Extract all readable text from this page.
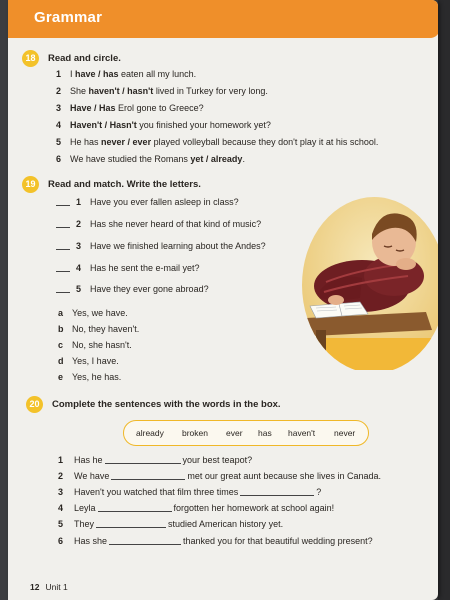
Grammar
18	Read and circle.
1 I have / has eaten all my lunch.
2 She haven't / hasn't lived in Turkey for very long.
3 Have / Has Erol gone to Greece?
4 Haven't / Hasn't you finished your homework yet?
5 He has never / ever played volleyball because they don't play it at his school.
6 We have studied the Romans yet / already.
19	Read and match. Write the letters.
1 Have you ever fallen asleep in class?
2 Has she never heard of that kind of music?
3 Have we finished learning about the Andes?
4 Has he sent the e-mail yet?
5 Have they ever gone abroad?
a Yes, we have.
b No, they haven't.
c No, she hasn't.
d Yes, I have.
e Yes, he has.
20	Complete the sentences with the words in the box.
already broken ever has haven't never
1 Has he	your best teapot?
2 We have	met our great aunt because she lives in Canada.
3 Haven't you watched that film three times	?
4 Leyla	forgotten her homework at school again!
5 They	studied American history yet.
6 Has she	thanked you for that beautiful wedding present?
12 Unit 1
